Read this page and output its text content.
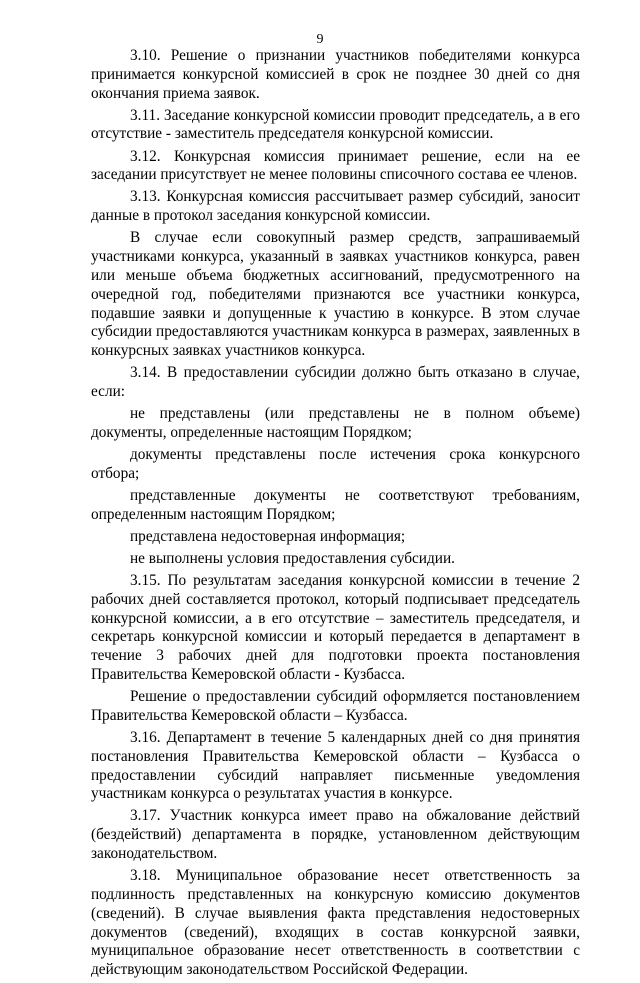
9

3.10. Решение о признании участников победителями конкурса принимается конкурсной комиссией в срок не позднее 30 дней со дня окончания приема заявок.

3.11. Заседание конкурсной комиссии проводит председатель, а в его отсутствие - заместитель председателя конкурсной комиссии.

3.12. Конкурсная комиссия принимает решение, если на ее заседании присутствует не менее половины списочного состава ее членов.

3.13. Конкурсная комиссия рассчитывает размер субсидий, заносит данные в протокол заседания конкурсной комиссии.

В случае если совокупный размер средств, запрашиваемый участниками конкурса, указанный в заявках участников конкурса, равен или меньше объема бюджетных ассигнований, предусмотренного на очередной год, победителями признаются все участники конкурса, подавшие заявки и допущенные к участию в конкурсе. В этом случае субсидии предоставляются участникам конкурса в размерах, заявленных в конкурсных заявках участников конкурса.

3.14. В предоставлении субсидии должно быть отказано в случае, если:

не представлены (или представлены не в полном объеме) документы, определенные настоящим Порядком;

документы представлены после истечения срока конкурсного отбора;

представленные документы не соответствуют требованиям, определенным настоящим Порядком;

представлена недостоверная информация;

не выполнены условия предоставления субсидии.

3.15. По результатам заседания конкурсной комиссии в течение 2 рабочих дней составляется протокол, который подписывает председатель конкурсной комиссии, а в его отсутствие – заместитель председателя, и секретарь конкурсной комиссии и который передается в департамент в течение 3 рабочих дней для подготовки проекта постановления Правительства Кемеровской области - Кузбасса.

Решение о предоставлении субсидий оформляется постановлением Правительства Кемеровской области – Кузбасса.

3.16. Департамент в течение 5 календарных дней со дня принятия постановления Правительства Кемеровской области – Кузбасса о предоставлении субсидий направляет письменные уведомления участникам конкурса о результатах участия в конкурсе.

3.17. Участник конкурса имеет право на обжалование действий (бездействий) департамента в порядке, установленном действующим законодательством.

3.18. Муниципальное образование несет ответственность за подлинность представленных на конкурсную комиссию документов (сведений). В случае выявления факта представления недостоверных документов (сведений), входящих в состав конкурсной заявки, муниципальное образование несет ответственность в соответствии с действующим законодательством Российской Федерации.
